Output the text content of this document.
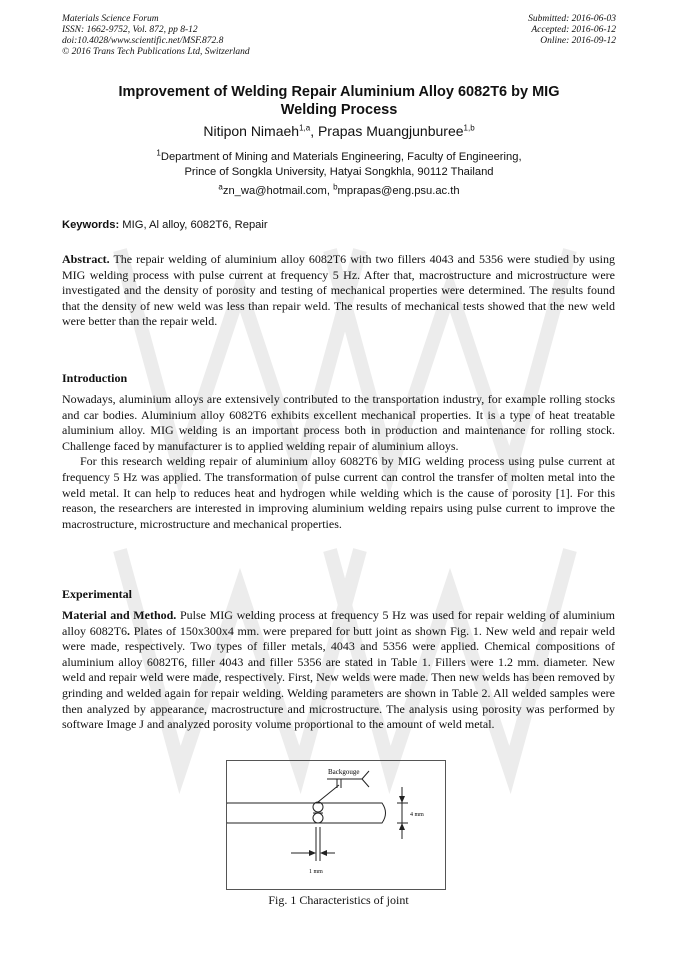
Materials Science Forum
ISSN: 1662-9752, Vol. 872, pp 8-12
doi:10.4028/www.scientific.net/MSF.872.8
© 2016 Trans Tech Publications Ltd, Switzerland
Submitted: 2016-06-03
Accepted: 2016-06-12
Online: 2016-09-12
Improvement of Welding Repair Aluminium Alloy 6082T6 by MIG
Welding Process
Nitipon Nimaeh$^{1,a}$, Prapas Muangjunburee$^{1,b}$
$^1$Department of Mining and Materials Engineering, Faculty of Engineering,
Prince of Songkla University, Hatyai Songkhla, 90112 Thailand
$^a$zn_wa@hotmail.com, $^b$mprapas@eng.psu.ac.th
Keywords: MIG, Al alloy, 6082T6, Repair
Abstract. The repair welding of aluminium alloy 6082T6 with two fillers 4043 and 5356 were studied by using MIG welding process with pulse current at frequency 5 Hz. After that, macrostructure and microstructure were investigated and the density of porosity and testing of mechanical properties were determined. The results found that the density of new weld was less than repair weld. The results of mechanical tests showed that the new weld were better than the repair weld.
Introduction
Nowadays, aluminium alloys are extensively contributed to the transportation industry, for example rolling stocks and car bodies. Aluminium alloy 6082T6 exhibits excellent mechanical properties. It is a type of heat treatable aluminium alloy. MIG welding is an important process both in production and maintenance for rolling stock. Challenge faced by manufacturer is to applied welding repair of aluminium alloys.
For this research welding repair of aluminium alloy 6082T6 by MIG welding process using pulse current at frequency 5 Hz was applied. The transformation of pulse current can control the transfer of molten metal into the weld metal. It can help to reduces heat and hydrogen while welding which is the cause of porosity [1]. For this reason, the researchers are interested in improving aluminium welding repairs using pulse current to improve the macrostructure, microstructure and mechanical properties.
Experimental
Material and Method. Pulse MIG welding process at frequency 5 Hz was used for repair welding of aluminium alloy 6082T6. Plates of 150x300x4 mm. were prepared for butt joint as shown Fig. 1. New weld and repair weld were made, respectively. Two types of filler metals, 4043 and 5356 were applied. Chemical compositions of aluminium alloy 6082T6, filler 4043 and filler 5356 are stated in Table 1. Fillers were 1.2 mm. diameter. New weld and repair weld were made, respectively. First, New welds were made. Then new welds has been removed by grinding and welded again for repair welding. Welding parameters are shown in Table 2. All welded samples were then analyzed by appearance, macrostructure and microstructure. The analysis using porosity was performed by software Image J and analyzed porosity volume proportional to the amount of weld metal.
Backgouge
4 mm
1 mm
Fig. 1 Characteristics of joint
